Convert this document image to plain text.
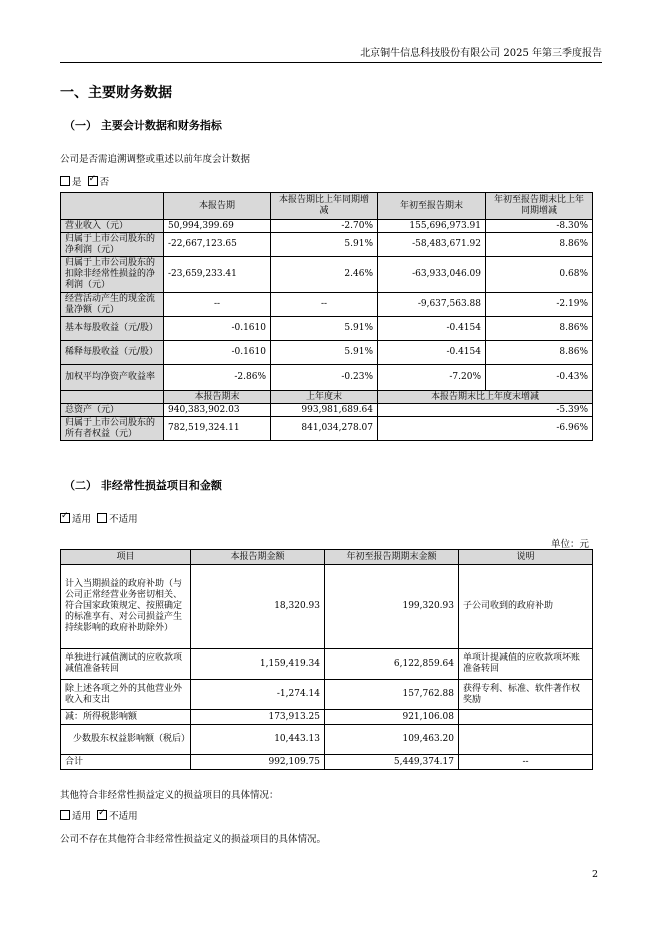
北京铜牛信息科技股份有限公司 2025 年第三季度报告
一、主要财务数据
（一） 主要会计数据和财务指标
公司是否需追溯调整或重述以前年度会计数据
是 ✓ 否
	本报告期	本报告期比上年同期增减	年初至报告期末	年初至报告期末比上年同期增减
营业收入（元）	50,994,399.69	-2.70%	155,696,973.91	-8.30%
归属于上市公司股东的净利润（元）	-22,667,123.65	5.91%	-58,483,671.92	8.86%
归属于上市公司股东的扣除非经常性损益的净利润（元）	-23,659,233.41	2.46%	-63,933,046.09	0.68%
经营活动产生的现金流量净额（元）	--	--	-9,637,563.88	-2.19%
基本每股收益（元/股）	-0.1610	5.91%	-0.4154	8.86%
稀释每股收益（元/股）	-0.1610	5.91%	-0.4154	8.86%
加权平均净资产收益率	-2.86%	-0.23%	-7.20%	-0.43%
	本报告期末	上年度末	本报告期末比上年度末增减	
总资产（元）	940,383,902.03	993,981,689.64	-5.39%	
归属于上市公司股东的所有者权益（元）	782,519,324.11	841,034,278.07	-6.96%	
（二） 非经常性损益项目和金额
✓适用 不适用
单位：元
项目	本报告期金额	年初至报告期期末金额	说明
计入当期损益的政府补助（与公司正常经营业务密切相关、符合国家政策规定、按照确定的标准享有、对公司损益产生持续影响的政府补助除外）	18,320.93	199,320.93	子公司收到的政府补助
单独进行减值测试的应收款项减值准备转回	1,159,419.34	6,122,859.64	单项计提减值的应收款项坏账准备转回
除上述各项之外的其他营业外收入和支出	-1,274.14	157,762.88	获得专利、标准、软件著作权奖励
减：所得税影响额	173,913.25	921,106.08	
少数股东权益影响额（税后）	10,443.13	109,463.20	
合计	992,109.75	5,449,374.17	--
其他符合非经常性损益定义的损益项目的具体情况：
适用 ✓ 不适用
公司不存在其他符合非经常性损益定义的损益项目的具体情况。
2
